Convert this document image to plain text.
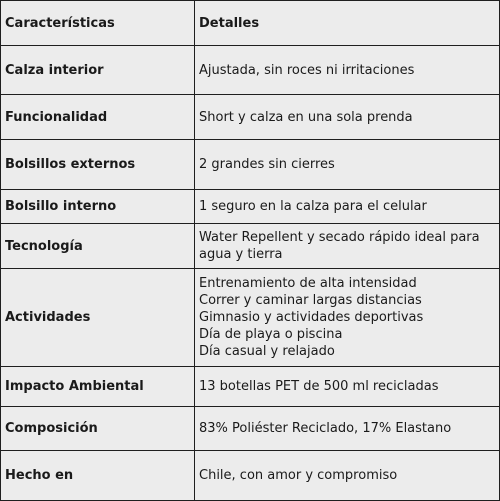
Características	Detalles
Calza interior	Ajustada, sin roces ni irritaciones
Funcionalidad	Short y calza en una sola prenda
Bolsillos externos	2 grandes sin cierres
Bolsillo interno	1 seguro en la calza para el celular
Tecnología	Water Repellent y secado rápido ideal para agua y tierra
Actividades	Entrenamiento de alta intensidad
Correr y caminar largas distancias
Gimnasio y actividades deportivas
Día de playa o piscina
Día casual y relajado

Impacto Ambiental	13 botellas PET de 500 ml recicladas
Composición	83% Poliéster Reciclado, 17% Elastano
Hecho en	Chile, con amor y compromiso
